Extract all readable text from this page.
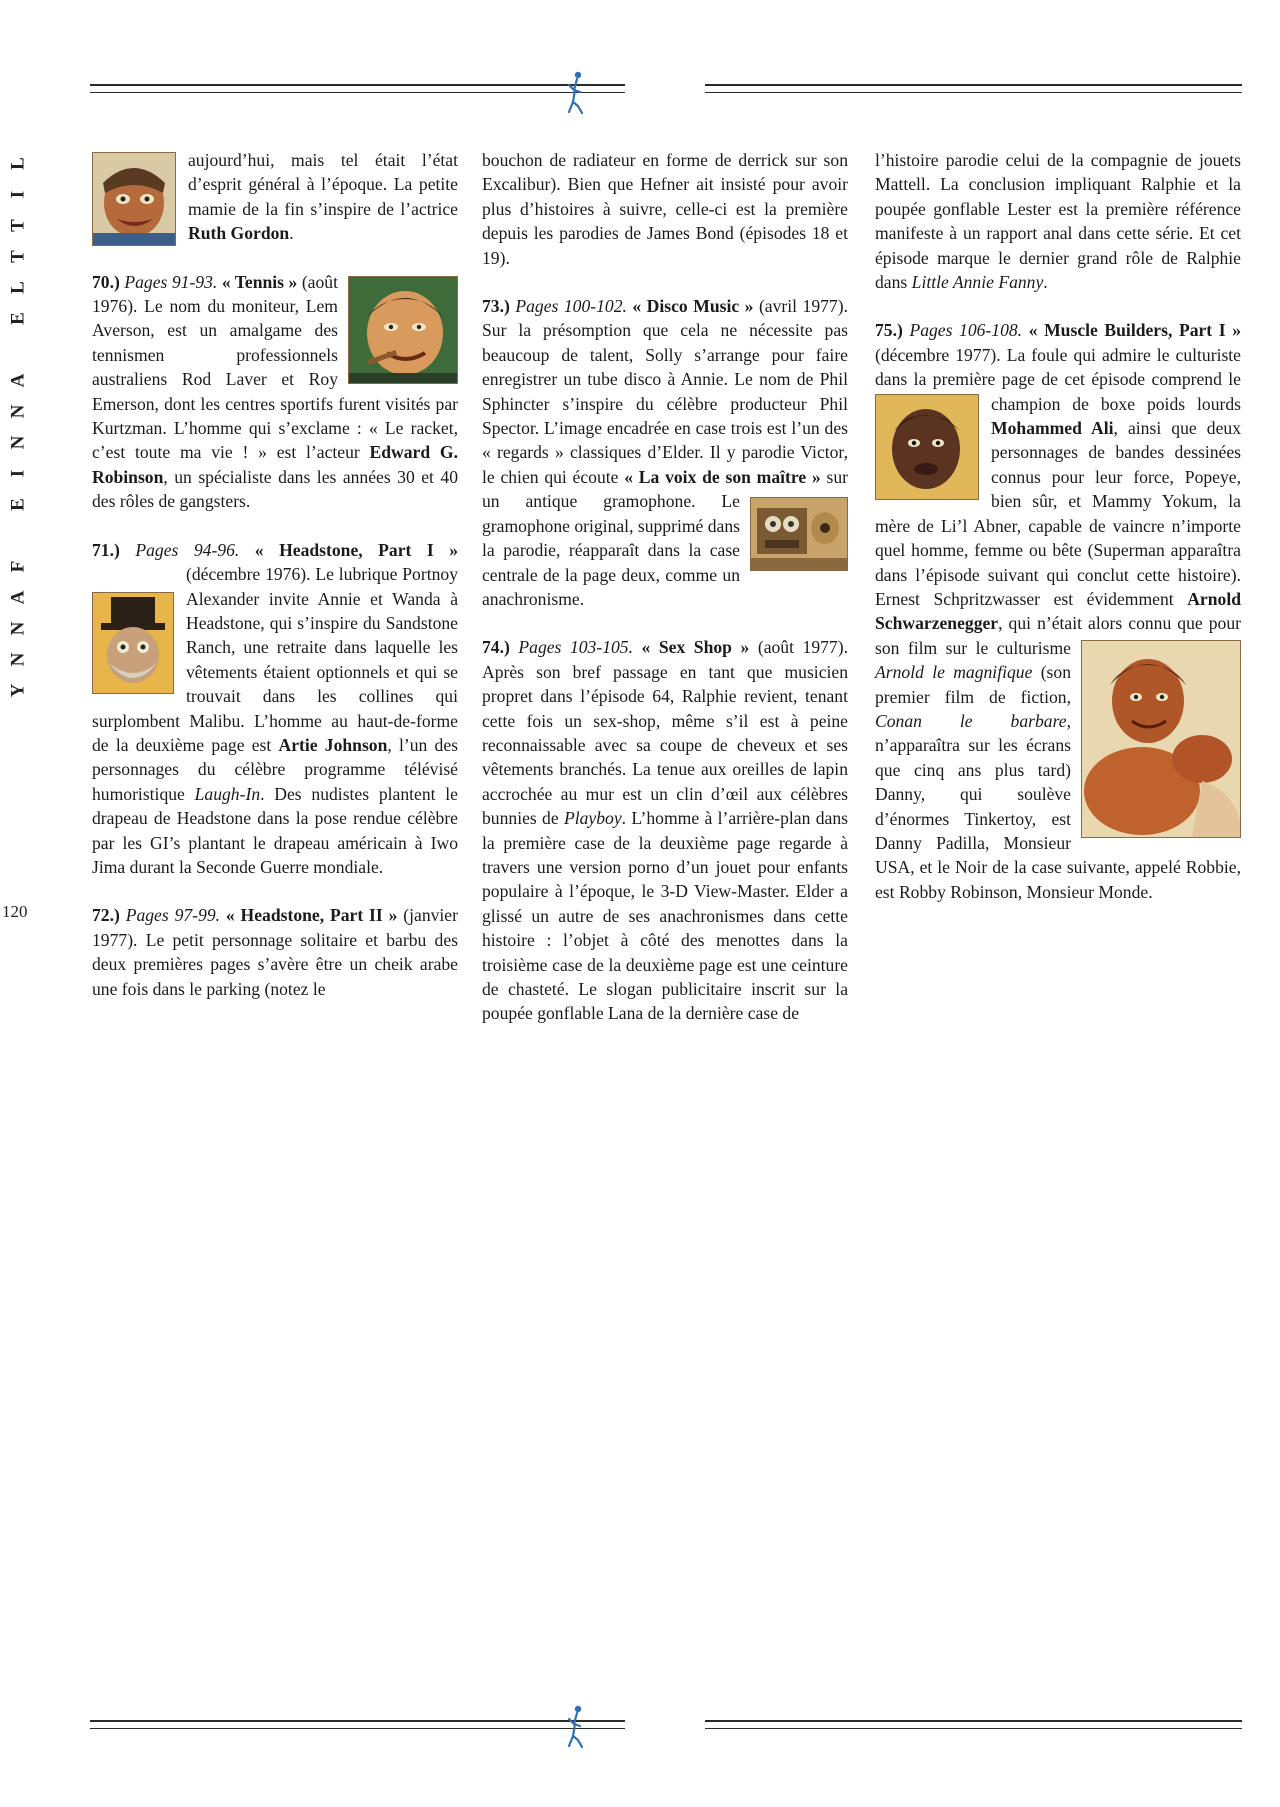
L
I
T
T
L
E
A
N
N
I
E
F
A
N
N
Y
120

aujourd’hui, mais tel était l’état d’esprit général à l’époque. La petite mamie de la fin s’inspire de l’actrice Ruth Gordon.

70.) Pages 91-93. « Tennis » (août 1976). Le nom du moniteur, Lem Averson, est un amalgame des tennismen professionnels australiens Rod Laver et Roy Emerson, dont les centres sportifs furent visités par Kurtzman. L’homme qui s’exclame : « Le racket, c’est toute ma vie ! » est l’acteur Edward G. Robinson, un spécialiste dans les années 30 et 40 des rôles de gangsters.

71.) Pages 94-96. « Headstone, Part I »
(décembre 1976). Le lubrique Portnoy Alexander invite Annie et Wanda à Headstone, qui s’inspire du Sandstone Ranch, une retraite dans laquelle les vêtements étaient optionnels et qui se trouvait dans les collines qui surplombent Malibu. L’homme au haut-de-forme de la deuxième page est Artie Johnson, l’un des personnages du célèbre programme télévisé humoristique Laugh-In. Des nudistes plantent le drapeau de Headstone dans la pose rendue célèbre par les GI’s plantant le drapeau américain à Iwo Jima durant la Seconde Guerre mondiale.

72.) Pages 97-99. « Headstone, Part II » (janvier 1977). Le petit personnage solitaire et barbu des deux premières pages s’avère être un cheik arabe une fois dans le parking (notez le

bouchon de radiateur en forme de derrick sur son Excalibur). Bien que Hefner ait insisté pour avoir plus d’histoires à suivre, celle-ci est la première depuis les parodies de James Bond (épisodes 18 et 19).

73.) Pages 100-102. « Disco Music » (avril 1977). Sur la présomption que cela ne nécessite pas beaucoup de talent, Solly s’arrange pour faire enregistrer un tube disco à Annie. Le nom de Phil Sphincter s’inspire du célèbre producteur Phil Spector. L’image encadrée en case trois est l’un des « regards » classiques d’Elder. Il y parodie Victor, le chien qui écoute « La voix de son maître »
sur un antique gramophone. Le gramophone original, supprimé dans la parodie, réapparaît dans la case centrale de la page deux, comme un anachronisme.

74.) Pages 103-105. « Sex Shop » (août 1977). Après son bref passage en tant que musicien propret dans l’épisode 64, Ralphie revient, tenant cette fois un sex-shop, même s’il est à peine reconnaissable avec sa coupe de cheveux et ses vêtements branchés. La tenue aux oreilles de lapin accrochée au mur est un clin d’œil aux célèbres bunnies de Playboy. L’homme à l’arrière-plan dans la première case de la deuxième page regarde à travers une version porno d’un jouet pour enfants populaire à l’époque, le 3-D View-Master. Elder a glissé un autre de ses anachronismes dans cette histoire : l’objet à côté des menottes dans la troisième case de la deuxième page est une ceinture de chasteté. Le slogan publicitaire inscrit sur la poupée gonflable Lana de la dernière case de

l’histoire parodie celui de la compagnie de jouets Mattell. La conclusion impliquant Ralphie et la poupée gonflable Lester est la première référence manifeste à un rapport anal dans cette série. Et cet épisode marque le dernier grand rôle de Ralphie dans Little Annie Fanny.

75.) Pages 106-108. « Muscle Builders, Part I » (décembre 1977). La foule qui admire le culturiste dans la première page de cet épisode comprend le champion de boxe poids lourds
Mohammed Ali, ainsi que deux personnages de bandes dessinées connus pour leur force, Popeye, bien sûr, et Mammy Yokum, la mère de Li’l Abner, capable de vaincre n’importe quel homme, femme ou bête (Superman apparaîtra dans l’épisode suivant qui conclut cette histoire). Ernest Schpritzwasser est évidemment Arnold Schwarzenegger, qui n’était alors connu que pour son film sur le culturisme
Arnold le magnifique (son premier film de fiction, Conan le barbare, n’apparaîtra sur les écrans que cinq ans plus tard) Danny, qui soulève d’énormes Tinkertoy, est Danny Padilla, Monsieur USA, et le Noir de la case suivante, appelé Robbie, est Robby Robinson, Monsieur Monde.
